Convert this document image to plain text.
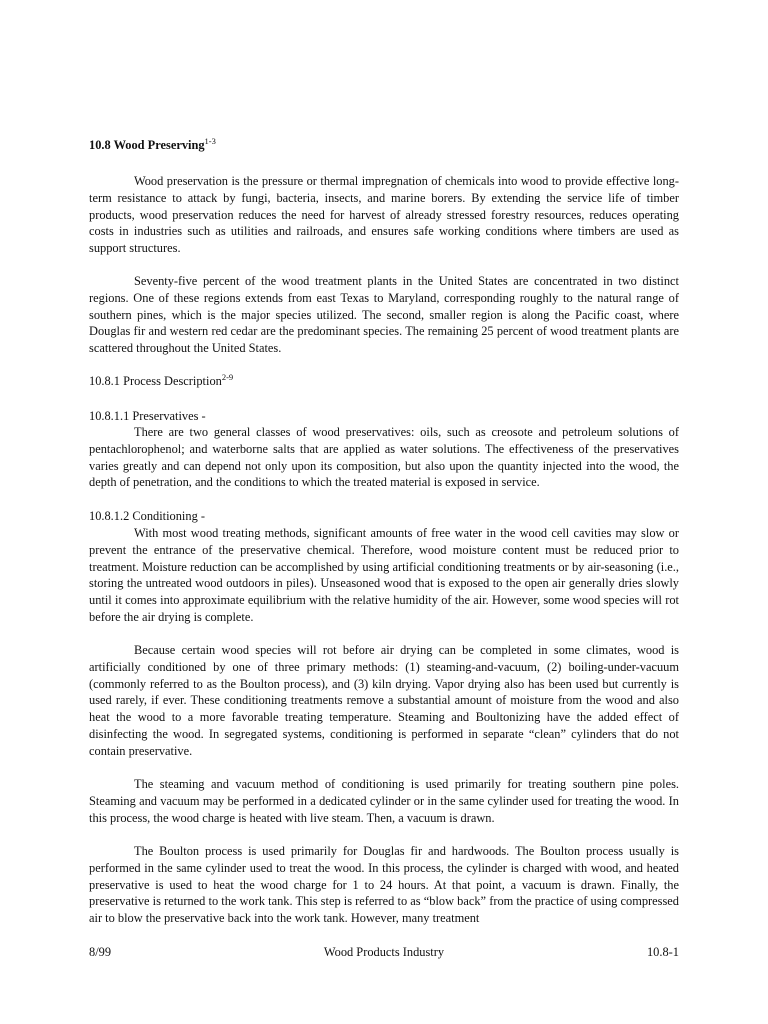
10.8 Wood Preserving$^{1-3}$

Wood preservation is the pressure or thermal impregnation of chemicals into wood to provide effective long-term resistance to attack by fungi, bacteria, insects, and marine borers. By extending the service life of timber products, wood preservation reduces the need for harvest of already stressed forestry resources, reduces operating costs in industries such as utilities and railroads, and ensures safe working conditions where timbers are used as support structures.

Seventy-five percent of the wood treatment plants in the United States are concentrated in two distinct regions. One of these regions extends from east Texas to Maryland, corresponding roughly to the natural range of southern pines, which is the major species utilized. The second, smaller region is along the Pacific coast, where Douglas fir and western red cedar are the predominant species. The remaining 25 percent of wood treatment plants are scattered throughout the United States.

10.8.1 Process Description$^{2-9}$

10.8.1.1 Preservatives -

There are two general classes of wood preservatives: oils, such as creosote and petroleum solutions of pentachlorophenol; and waterborne salts that are applied as water solutions. The effectiveness of the preservatives varies greatly and can depend not only upon its composition, but also upon the quantity injected into the wood, the depth of penetration, and the conditions to which the treated material is exposed in service.

10.8.1.2 Conditioning -

With most wood treating methods, significant amounts of free water in the wood cell cavities may slow or prevent the entrance of the preservative chemical. Therefore, wood moisture content must be reduced prior to treatment. Moisture reduction can be accomplished by using artificial conditioning treatments or by air-seasoning (i.e., storing the untreated wood outdoors in piles). Unseasoned wood that is exposed to the open air generally dries slowly until it comes into approximate equilibrium with the relative humidity of the air. However, some wood species will rot before the air drying is complete.

Because certain wood species will rot before air drying can be completed in some climates, wood is artificially conditioned by one of three primary methods: (1) steaming-and-vacuum, (2) boiling-under-vacuum (commonly referred to as the Boulton process), and (3) kiln drying. Vapor drying also has been used but currently is used rarely, if ever. These conditioning treatments remove a substantial amount of moisture from the wood and also heat the wood to a more favorable treating temperature. Steaming and Boultonizing have the added effect of disinfecting the wood. In segregated systems, conditioning is performed in separate “clean” cylinders that do not contain preservative.

The steaming and vacuum method of conditioning is used primarily for treating southern pine poles. Steaming and vacuum may be performed in a dedicated cylinder or in the same cylinder used for treating the wood. In this process, the wood charge is heated with live steam. Then, a vacuum is drawn.

The Boulton process is used primarily for Douglas fir and hardwoods. The Boulton process usually is performed in the same cylinder used to treat the wood. In this process, the cylinder is charged with wood, and heated preservative is used to heat the wood charge for 1 to 24 hours. At that point, a vacuum is drawn. Finally, the preservative is returned to the work tank. This step is referred to as “blow back” from the practice of using compressed air to blow the preservative back into the work tank. However, many treatment

8/99	Wood Products Industry	10.8-1
